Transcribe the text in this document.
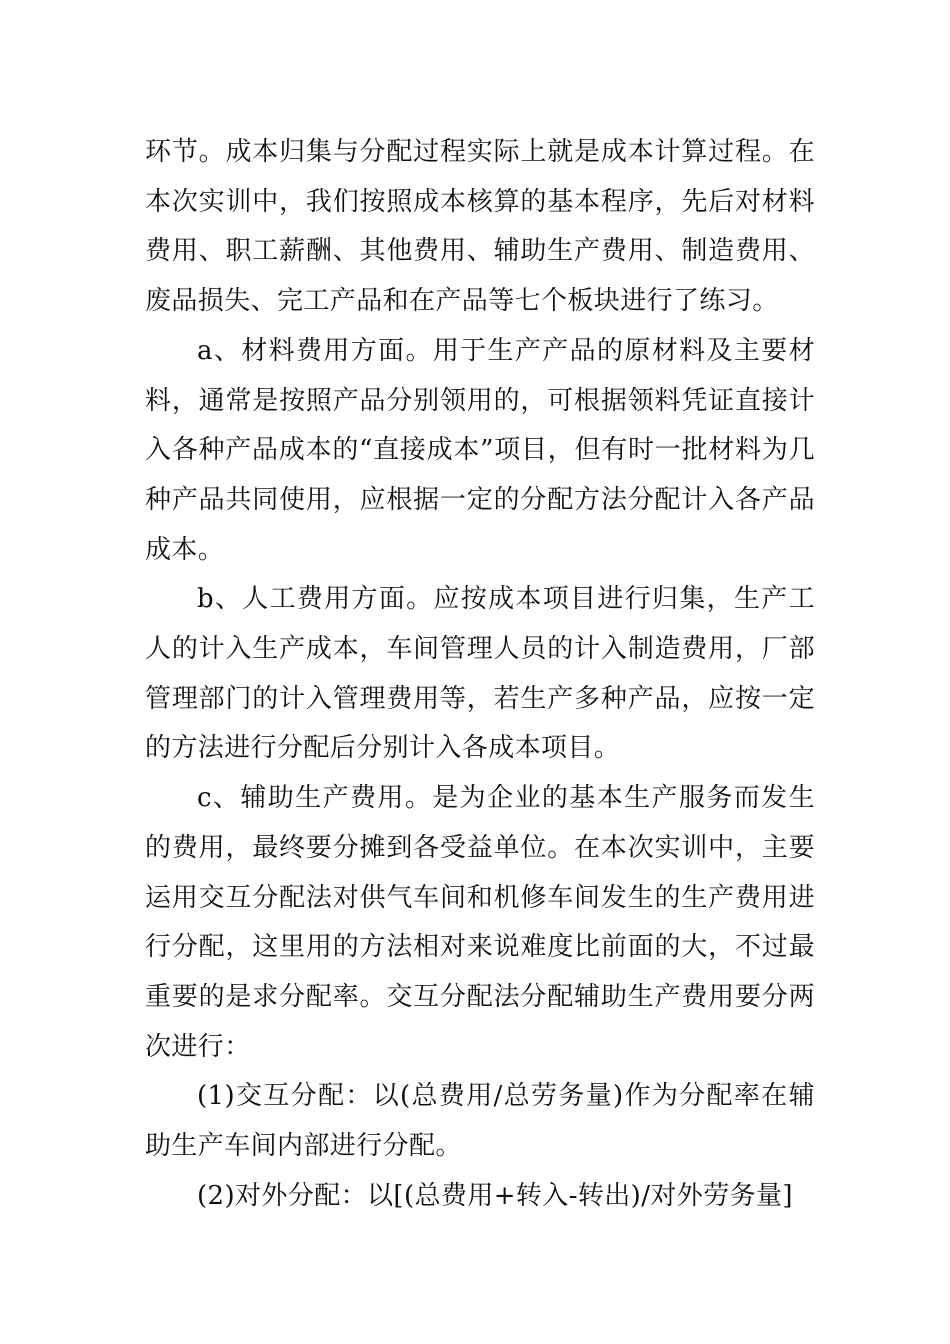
环节。成本归集与分配过程实际上就是成本计算过程。在本次实训中，我们按照成本核算的基本程序，先后对材料费用、职工薪酬、其他费用、辅助生产费用、制造费用、废品损失、完工产品和在产品等七个板块进行了练习。

a、材料费用方面。用于生产产品的原材料及主要材料，通常是按照产品分别领用的，可根据领料凭证直接计入各种产品成本的“直接成本”项目，但有时一批材料为几种产品共同使用，应根据一定的分配方法分配计入各产品成本。

b、人工费用方面。应按成本项目进行归集，生产工人的计入生产成本，车间管理人员的计入制造费用，厂部管理部门的计入管理费用等，若生产多种产品，应按一定的方法进行分配后分别计入各成本项目。

c、辅助生产费用。是为企业的基本生产服务而发生的费用，最终要分摊到各受益单位。在本次实训中，主要运用交互分配法对供气车间和机修车间发生的生产费用进行分配，这里用的方法相对来说难度比前面的大，不过最重要的是求分配率。交互分配法分配辅助生产费用要分两次进行：

(1)交互分配：以(总费用/总劳务量)作为分配率在辅助生产车间内部进行分配。

(2)对外分配：以[(总费用+转入-转出)/对外劳务量]
